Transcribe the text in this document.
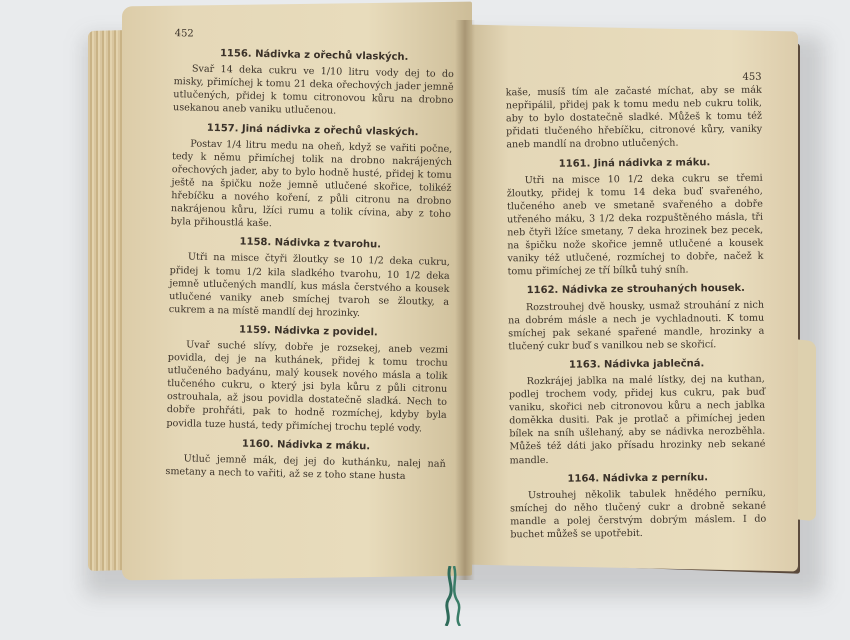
452
1156. Nádivka z ořechů vlaských.

Svař 14 deka cukru ve 1/10 litru vody dej to do misky, přimíchej k tomu 21 deka ořechových jader jemně utlučených, přidej k tomu citronovou kůru na drobno usekanou aneb vaniku utlučenou.

1157. Jiná nádivka z ořechů vlaských.

Postav 1/4 litru medu na oheň, když se vařiti počne, tedy k němu přimíchej tolik na drobno nakrájených ořechových jader, aby to bylo hodně husté, přidej k tomu ještě na špičku nože jemně utlučené skořice, tolikéž hřebíčku a nového koření, z půli citronu na drobno nakrájenou kůru, lžíci rumu a tolik cívina, aby z toho byla přihoustlá kaše.

1158. Nádivka z tvarohu.

Utři na misce čtyři žloutky se 10 1/2 deka cukru, přidej k tomu 1/2 kila sladkého tvarohu, 10 1/2 deka jemně utlučených mandlí, kus másla čerstvého a kousek utlučené vaniky aneb smíchej tvaroh se žloutky, a cukrem a na místě mandlí dej hrozinky.

1159. Nádivka z povidel.

Uvař suché slívy, dobře je rozsekej, aneb vezmi povidla, dej je na kuthánek, přidej k tomu trochu utlučeného badyánu, malý kousek nového másla a tolik tlučeného cukru, o který jsi byla kůru z půli citronu ostrouhala, až jsou povidla dostatečně sladká. Nech to dobře prohřáti, pak to hodně rozmíchej, kdyby byla povidla tuze hustá, tedy přimíchej trochu teplé vody.

1160. Nádivka z máku.

Utluč jemně mák, dej jej do kuthánku, nalej naň smetany a nech to vařiti, až se z toho stane husta

453

kaše, musíš tím ale začasté míchat, aby se mák nepřipálil, přidej pak k tomu medu neb cukru tolik, aby to bylo dostatečně sladké. Můžeš k tomu též přidati tlučeného hřebíčku, citronové kůry, vaniky aneb mandlí na drobno utlučených.

1161. Jiná nádivka z máku.

Utři na misce 10 1/2 deka cukru se třemi žloutky, přidej k tomu 14 deka buď svařeného, tlučeného aneb ve smetaně svařeného a dobře utřeného máku, 3 1/2 deka rozpuštěného másla, tři neb čtyři lžíce smetany, 7 deka hrozinek bez pecek, na špičku nože skořice jemně utlučené a kousek vaniky též utlučené, rozmíchej to dobře, načež k tomu přimíchej ze tří bílků tuhý sníh.

1162. Nádivka ze strouhaných housek.

Rozstrouhej dvě housky, usmaž strouhání z nich na dobrém másle a nech je vychladnouti. K tomu smíchej pak sekané spařené mandle, hrozinky a tlučený cukr buď s vanilkou neb se skořicí.

1163. Nádivka jablečná.

Rozkrájej jablka na malé lístky, dej na kuthan, podlej trochem vody, přidej kus cukru, pak buď vaniku, skořici neb citronovou kůru a nech jablka doměkka dusiti. Pak je protlač a přimíchej jeden bílek na sníh ušlehaný, aby se nádivka nerozběhla. Můžeš též dáti jako přísadu hrozinky neb sekané mandle.

1164. Nádivka z perníku.

Ustrouhej několik tabulek hnědého perníku, smíchej do něho tlučený cukr a drobně sekané mandle a polej čerstvým dobrým máslem. I do buchet můžeš se upotřebit.
